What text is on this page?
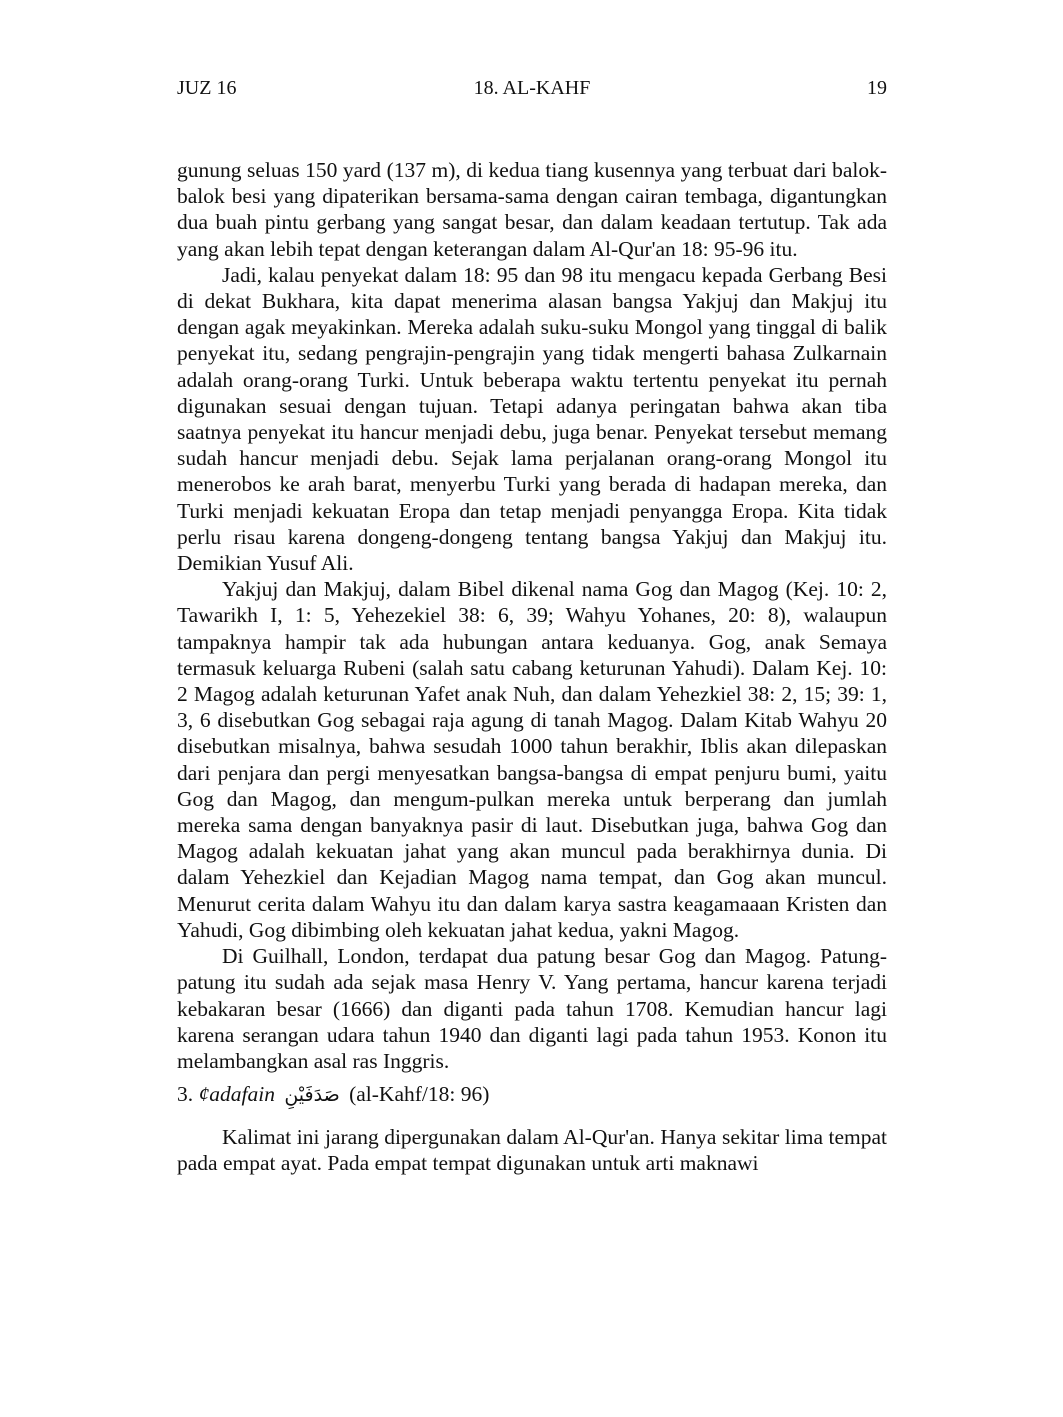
JUZ 16	18. AL-KAHF	19

gunung seluas 150 yard (137 m), di kedua tiang kusennya yang terbuat dari balok-balok besi yang dipaterikan bersama-sama dengan cairan tembaga, digantungkan dua buah pintu gerbang yang sangat besar, dan dalam keadaan tertutup. Tak ada yang akan lebih tepat dengan keterangan dalam Al-Qur'an 18: 95-96 itu.

Jadi, kalau penyekat dalam 18: 95 dan 98 itu mengacu kepada Gerbang Besi di dekat Bukhara, kita dapat menerima alasan bangsa Yakjuj dan Makjuj itu dengan agak meyakinkan. Mereka adalah suku-suku Mongol yang tinggal di balik penyekat itu, sedang pengrajin-pengrajin yang tidak mengerti bahasa Zulkarnain adalah orang-orang Turki. Untuk beberapa waktu tertentu penyekat itu pernah digunakan sesuai dengan tujuan. Tetapi adanya peringatan bahwa akan tiba saatnya penyekat itu hancur menjadi debu, juga benar. Penyekat tersebut memang sudah hancur menjadi debu. Sejak lama perjalanan orang-orang Mongol itu menerobos ke arah barat, menyerbu Turki yang berada di hadapan mereka, dan Turki menjadi kekuatan Eropa dan tetap menjadi penyangga Eropa. Kita tidak perlu risau karena dongeng-dongeng tentang bangsa Yakjuj dan Makjuj itu. Demikian Yusuf Ali.

Yakjuj dan Makjuj, dalam Bibel dikenal nama Gog dan Magog (Kej. 10: 2, Tawarikh I, 1: 5, Yehezekiel 38: 6, 39; Wahyu Yohanes, 20: 8), walaupun tampaknya hampir tak ada hubungan antara keduanya. Gog, anak Semaya termasuk keluarga Rubeni (salah satu cabang keturunan Yahudi). Dalam Kej. 10: 2 Magog adalah keturunan Yafet anak Nuh, dan dalam Yehezkiel 38: 2, 15; 39: 1, 3, 6 disebutkan Gog sebagai raja agung di tanah Magog. Dalam Kitab Wahyu 20 disebutkan misalnya, bahwa sesudah 1000 tahun berakhir, Iblis akan dilepaskan dari penjara dan pergi menyesatkan bangsa-bangsa di empat penjuru bumi, yaitu Gog dan Magog, dan mengum-pulkan mereka untuk berperang dan jumlah mereka sama dengan banyaknya pasir di laut. Disebutkan juga, bahwa Gog dan Magog adalah kekuatan jahat yang akan muncul pada berakhirnya dunia. Di dalam Yehezkiel dan Kejadian Magog nama tempat, dan Gog akan muncul. Menurut cerita dalam Wahyu itu dan dalam karya sastra keagamaaan Kristen dan Yahudi, Gog dibimbing oleh kekuatan jahat kedua, yakni Magog.

Di Guilhall, London, terdapat dua patung besar Gog dan Magog. Patung-patung itu sudah ada sejak masa Henry V. Yang pertama, hancur karena terjadi kebakaran besar (1666) dan diganti pada tahun 1708. Kemudian hancur lagi karena serangan udara tahun 1940 dan diganti lagi pada tahun 1953. Konon itu melambangkan asal ras Inggris.

3. ¢adafain صَدَفَيْنِ (al-Kahf/18: 96)

Kalimat ini jarang dipergunakan dalam Al-Qur'an. Hanya sekitar lima tempat pada empat ayat. Pada empat tempat digunakan untuk arti maknawi
